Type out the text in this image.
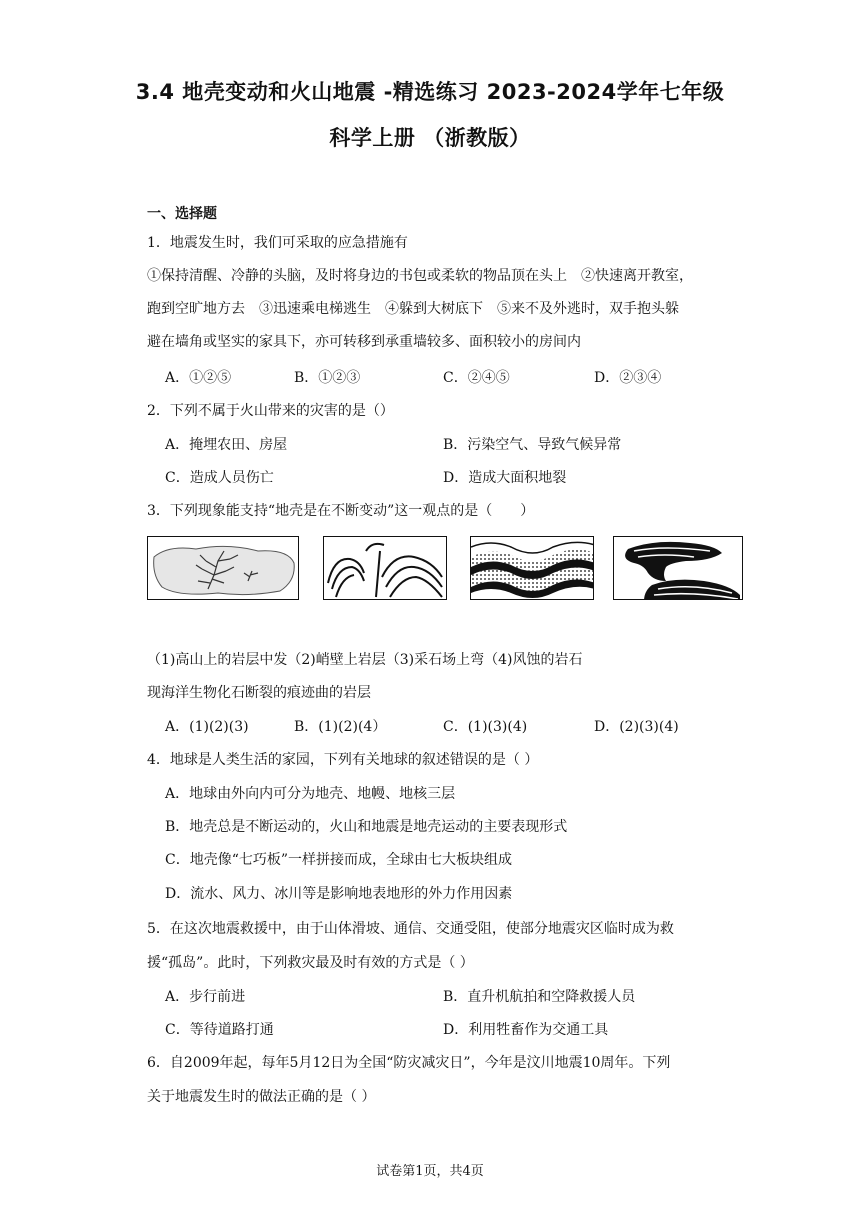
3.4 地壳变动和火山地震 -精选练习 2023-2024学年七年级
科学上册 （浙教版）
一、选择题
1．地震发生时，我们可采取的应急措施有
①保持清醒、冷静的头脑，及时将身边的书包或柔软的物品顶在头上　②快速离开教室，
跑到空旷地方去　③迅速乘电梯逃生　④躲到大树底下　⑤来不及外逃时，双手抱头躲
避在墙角或坚实的家具下，亦可转移到承重墙较多、面积较小的房间内
A．①②⑤	B．①②③	C．②④⑤	D．②③④
2．下列不属于火山带来的灾害的是（）
A．掩埋农田、房屋	B．污染空气、导致气候异常
C．造成人员伤亡	D．造成大面积地裂
3．下列现象能支持“地壳是在不断变动”这一观点的是（　　）
（1)高山上的岩层中发（2)峭壁上岩层（3)采石场上弯（4)风蚀的岩石
现海洋生物化石断裂的痕迹曲的岩层
A．(1)(2)(3)	B．(1)(2)(4）	C．(1)(3)(4)	D．(2)(3)(4)
4．地球是人类生活的家园，下列有关地球的叙述错误的是（ ）
A．地球由外向内可分为地壳、地幔、地核三层
B．地壳总是不断运动的，火山和地震是地壳运动的主要表现形式
C．地壳像“七巧板”一样拼接而成，全球由七大板块组成
D．流水、风力、冰川等是影响地表地形的外力作用因素
5．在这次地震救援中，由于山体滑坡、通信、交通受阻，使部分地震灾区临时成为救
援“孤岛”。此时，下列救灾最及时有效的方式是（ ）
A．步行前进	B．直升机航拍和空降救援人员
C．等待道路打通	D．利用牲畜作为交通工具
6．自2009年起，每年5月12日为全国“防灾减灾日”，今年是汶川地震10周年。下列
关于地震发生时的做法正确的是（ ）
试卷第1页，共4页
